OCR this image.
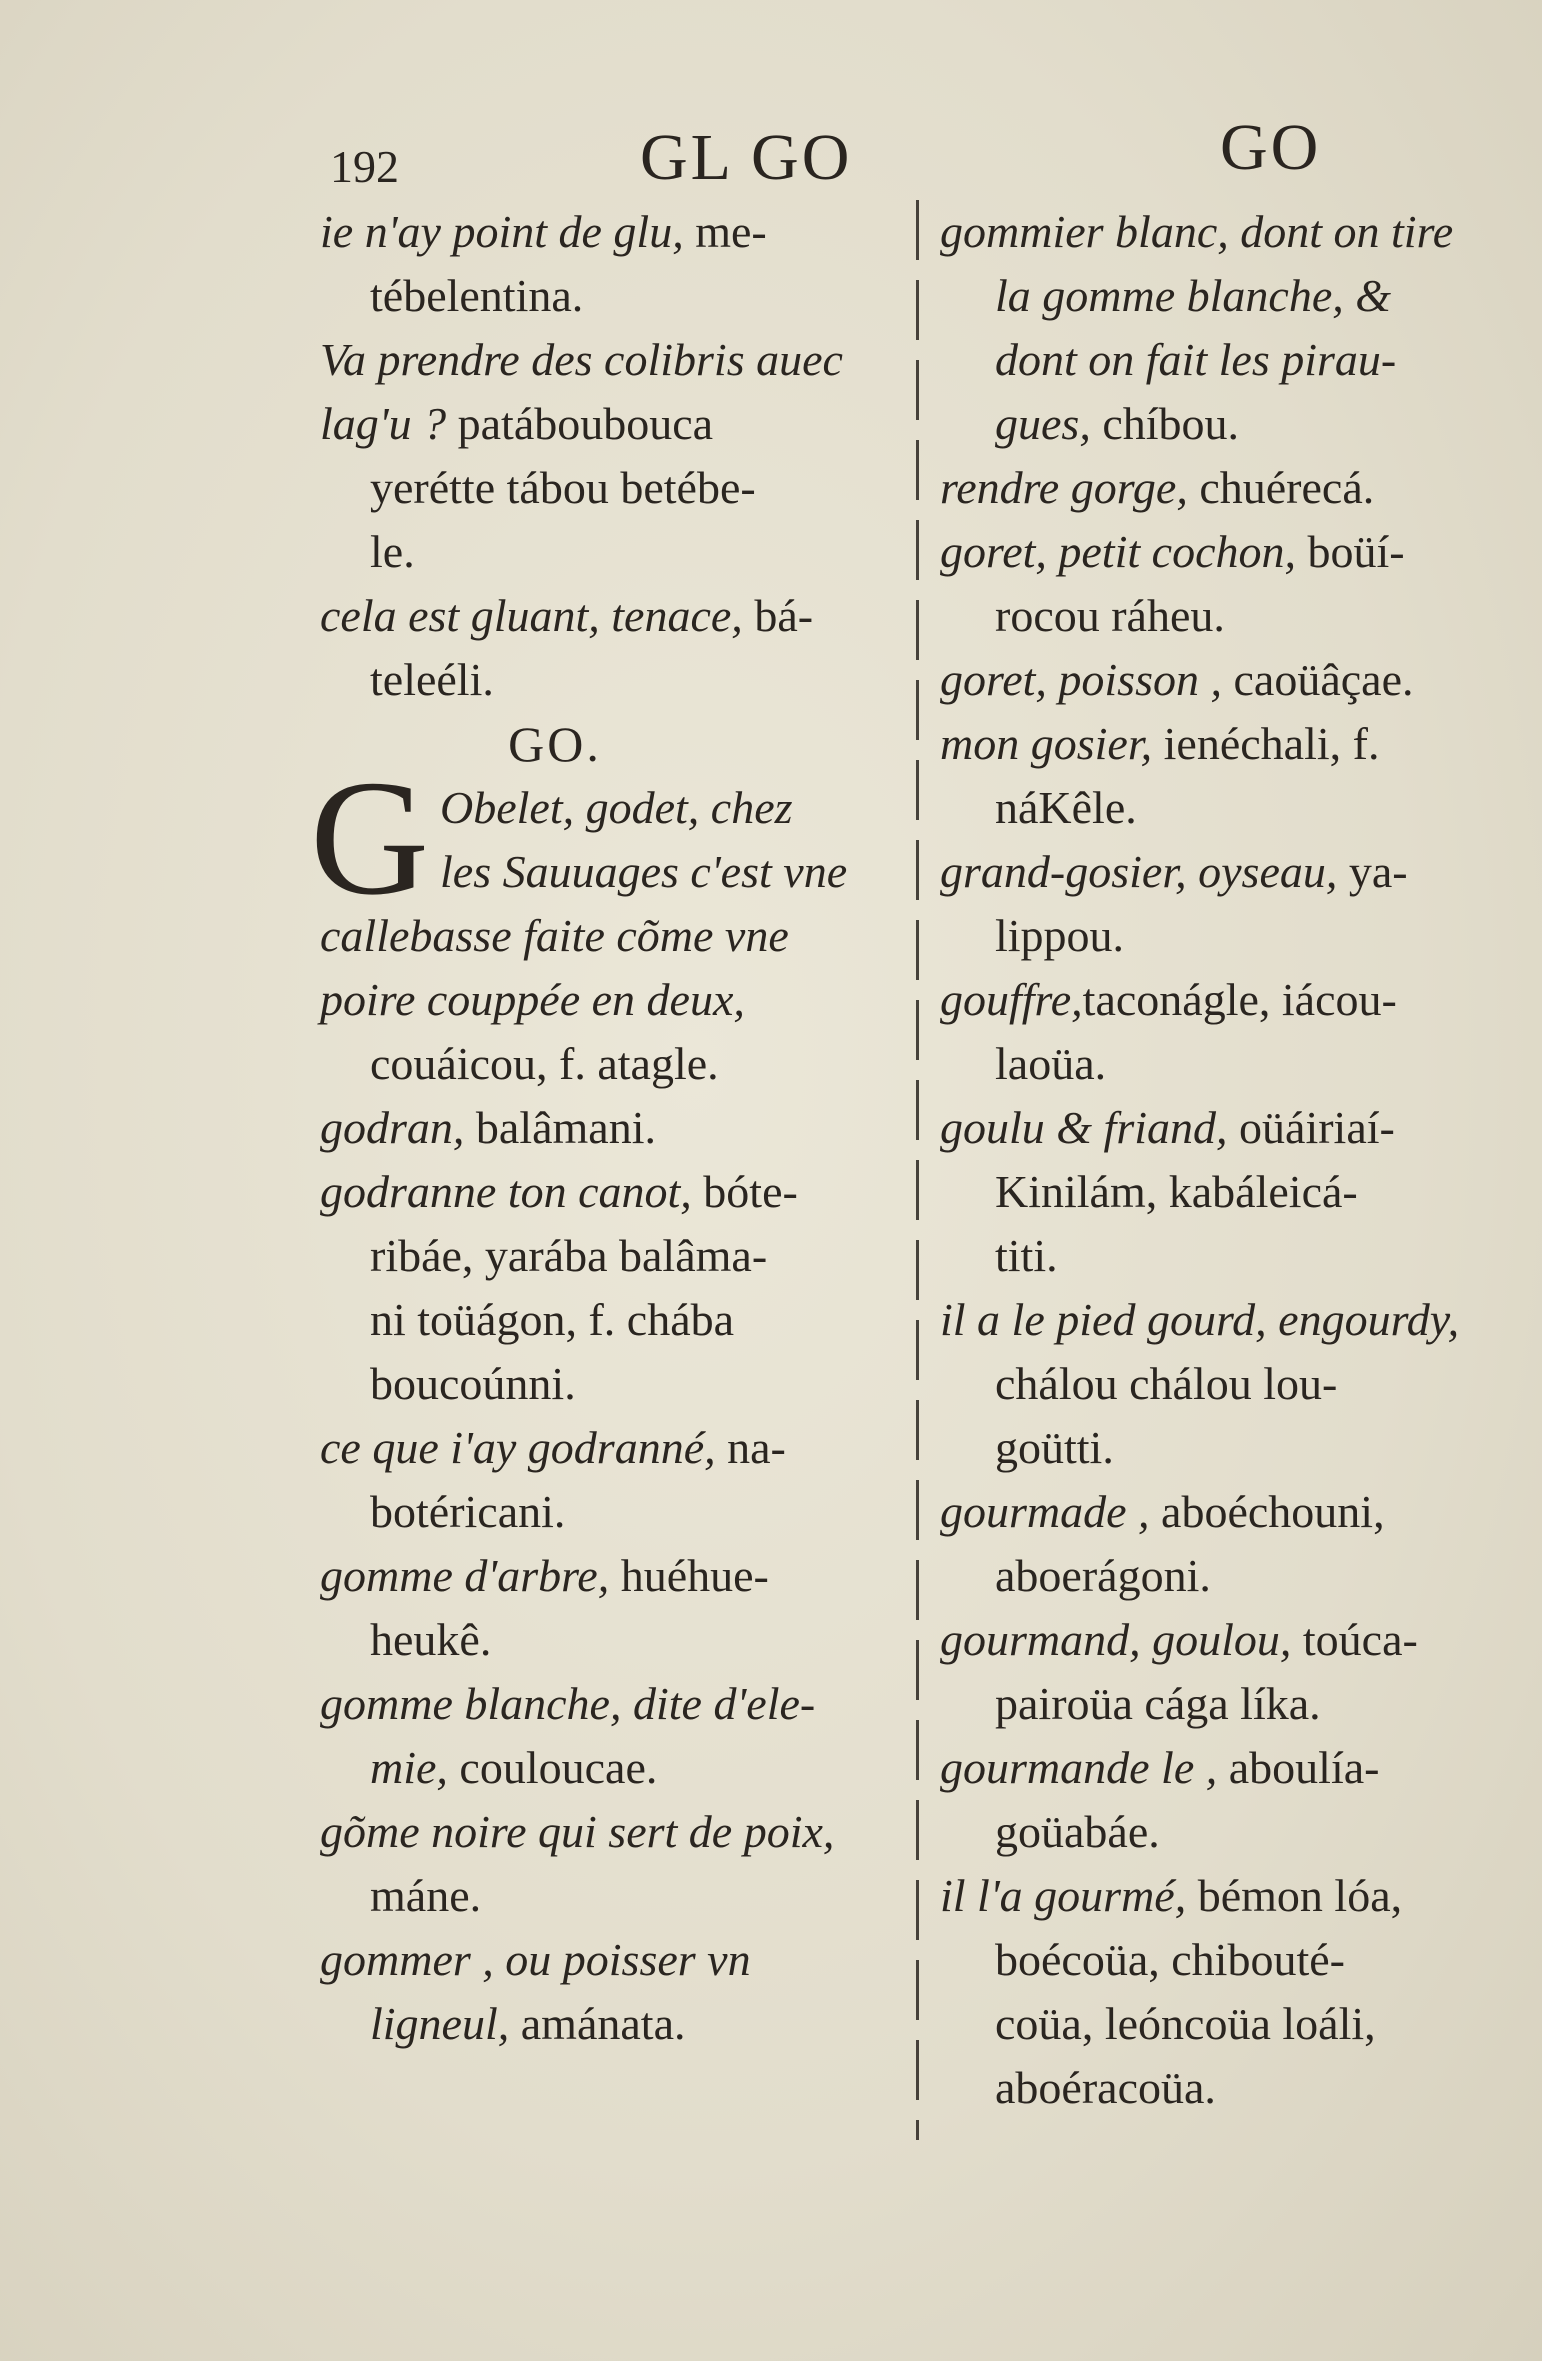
192	GL GO	GO
ie n'ay point de glu, me-
tébelentina.
Va prendre des colibris auec
lag'u ? patáboubouca
yerétte tábou betébe-
le.
cela est gluant, tenace, bá-
teleéli.
GO.
G Obelet, godet, chez
les Sauuages c'est vne
callebasse faite cõme vne
poire couppée en deux,
couáicou, f. atagle.
godran, balâmani.
godranne ton canot, bóte-
ribáe, yarába balâma-
ni toüágon, f. chába
boucoúnni.
ce que i'ay godranné, na-
botéricani.
gomme d'arbre, huéhue-
heukê.
gomme blanche, dite d'ele-
mie, couloucae.
gõme noire qui sert de poix,
máne.
gommer , ou poisser vn
ligneul, amánata.
gommier blanc, dont on tire
la gomme blanche, &
dont on fait les pirau-
gues, chíbou.
rendre gorge, chuérecá.
goret, petit cochon, boüí-
rocou ráheu.
goret, poisson , caoüâçae.
mon gosier, ienéchali, f.
náKêle.
grand-gosier, oyseau, ya-
lippou.
gouffre,taconágle, iácou-
laoüa.
goulu & friand, oüáiriaí-
Kinilám, kabáleicá-
titi.
il a le pied gourd, engourdy,
chálou chálou lou-
goütti.
gourmade , aboéchouni,
aboerágoni.
gourmand, goulou, toúca-
pairoüa cága líka.
gourmande le , aboulía-
goüabáe.
il l'a gourmé, bémon lóa,
boécoüa, chibouté-
coüa, leóncoüa loáli,
aboéracoüa.
